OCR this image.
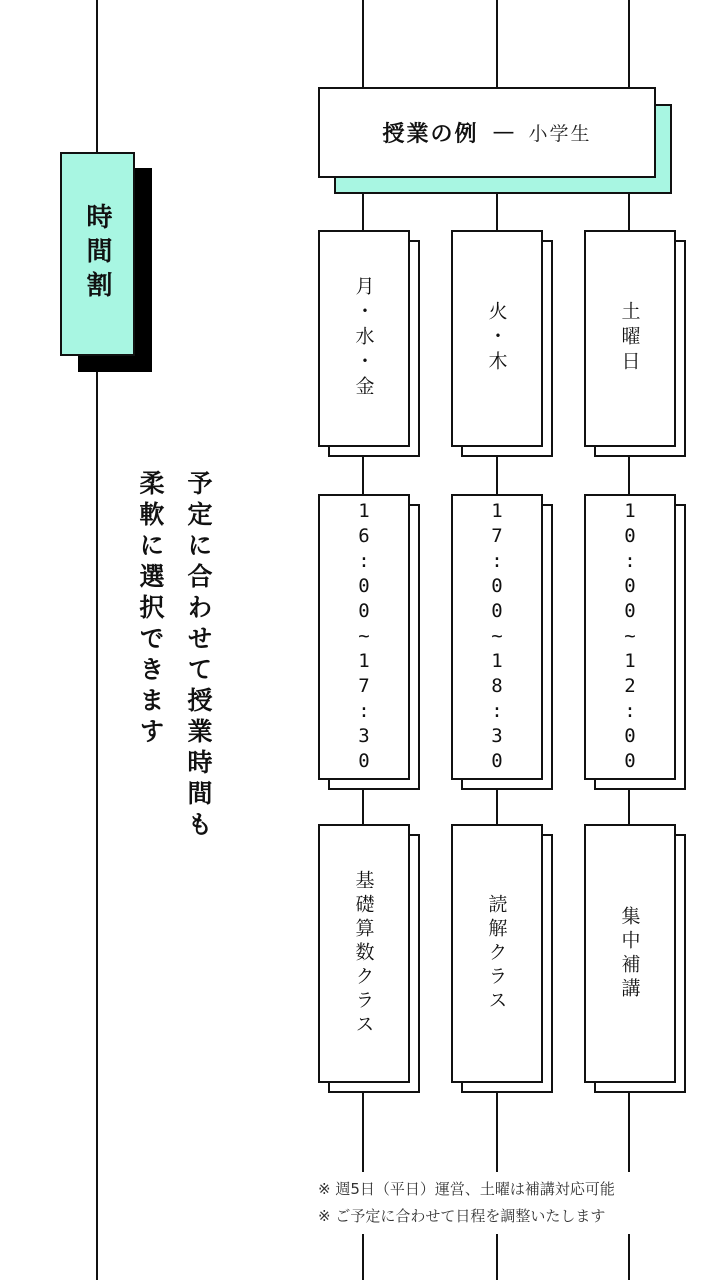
時間割
予定に合わせて授業時間も
柔軟に選択できます
授業の例 — 小学生
月・水・金
16:00~17:30
基礎算数クラス
火・木
17:00~18:30
読解クラス
土曜日
10:00~12:00
集中補講
※ 週5日（平日）運営、土曜は補講対応可能
※ ご予定に合わせて日程を調整いたします
